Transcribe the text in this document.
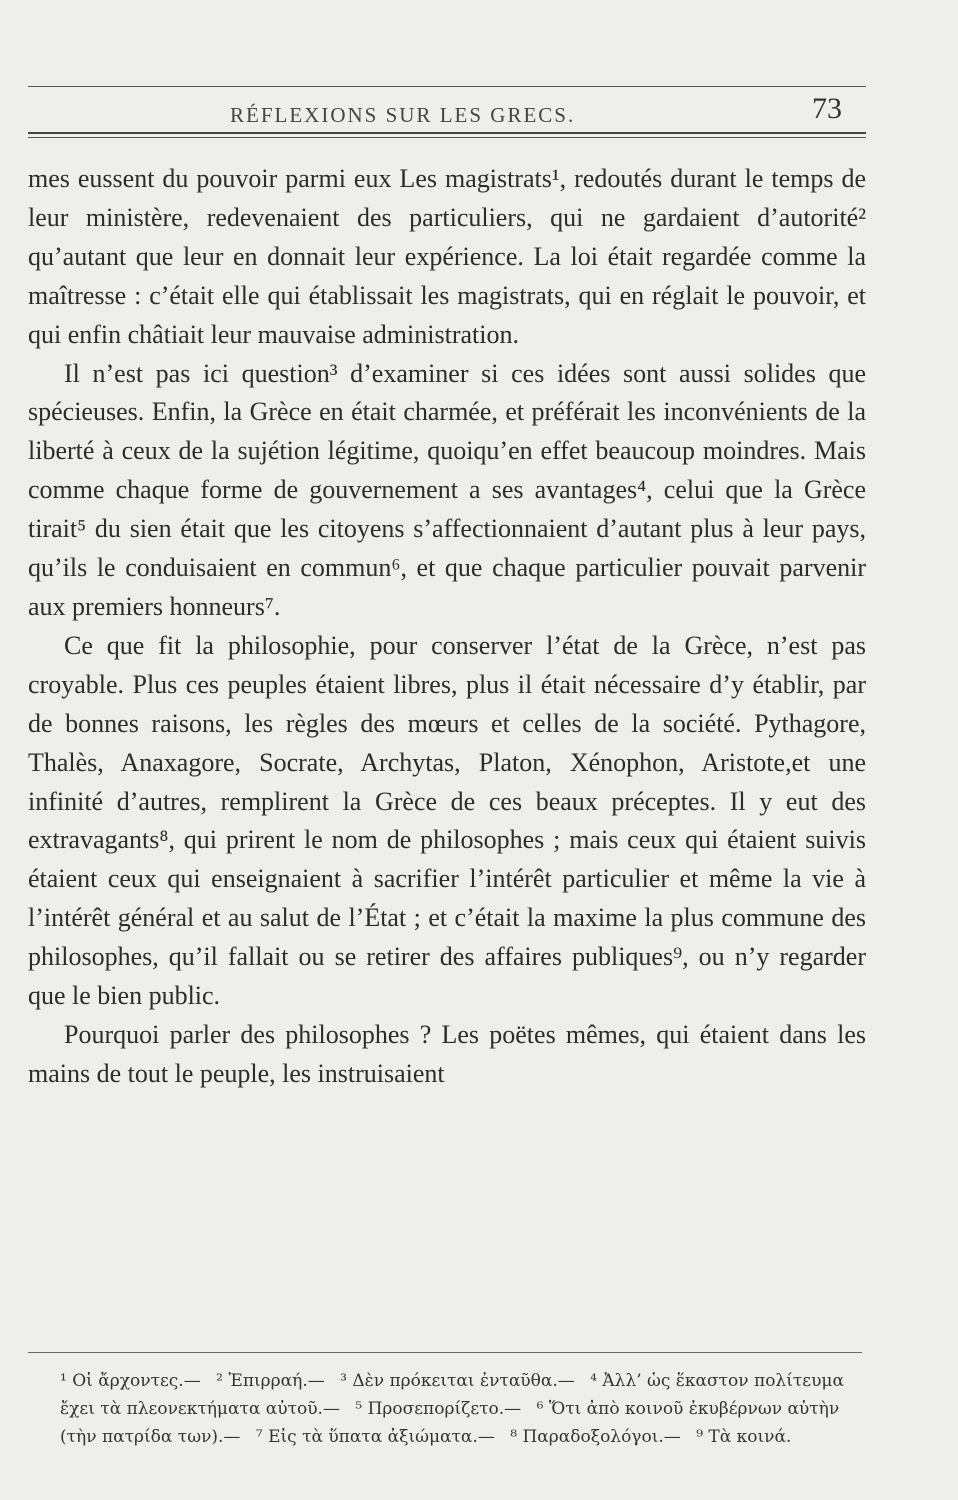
RÉFLEXIONS SUR LES GRECS.	73

mes eussent du pouvoir parmi eux Les magistrats¹, redoutés durant le temps de leur ministère, redevenaient des particuliers, qui ne gardaient d’autorité² qu’autant que leur en donnait leur expérience. La loi était regardée comme la maîtresse : c’était elle qui établissait les magistrats, qui en réglait le pouvoir, et qui enfin châtiait leur mauvaise administration.

Il n’est pas ici question³ d’examiner si ces idées sont aussi solides que spécieuses. Enfin, la Grèce en était charmée, et préférait les inconvénients de la liberté à ceux de la sujétion légitime, quoiqu’en effet beaucoup moindres. Mais comme chaque forme de gouvernement a ses avantages⁴, celui que la Grèce tirait⁵ du sien était que les citoyens s’affectionnaient d’autant plus à leur pays, qu’ils le conduisaient en commun⁶, et que chaque particulier pouvait parvenir aux premiers honneurs⁷.

Ce que fit la philosophie, pour conserver l’état de la Grèce, n’est pas croyable. Plus ces peuples étaient libres, plus il était nécessaire d’y établir, par de bonnes raisons, les règles des mœurs et celles de la société. Pythagore, Thalès, Anaxagore, Socrate, Archytas, Platon, Xénophon, Aristote,et une infinité d’autres, remplirent la Grèce de ces beaux préceptes. Il y eut des extravagants⁸, qui prirent le nom de philosophes ; mais ceux qui étaient suivis étaient ceux qui enseignaient à sacrifier l’intérêt particulier et même la vie à l’intérêt général et au salut de l’État ; et c’était la maxime la plus commune des philosophes, qu’il fallait ou se retirer des affaires publiques⁹, ou n’y regarder que le bien public.

Pourquoi parler des philosophes ? Les poëtes mêmes, qui étaient dans les mains de tout le peuple, les instruisaient

¹ Οἱ ἄρχοντες.— ² Ἐπιρραή.— ³ Δὲν πρόκειται ἐνταῦθα.— ⁴ Ἀλλ’ ὡς ἕκαστον πολίτευμα ἔχει τὰ πλεονεκτήματα αὐτοῦ.— ⁵ Προσεπορίζετο.— ⁶ Ὅτι ἀπὸ κοινοῦ ἐκυβέρνων αὐτὴν (τὴν πατρίδα των).— ⁷ Εἰς τὰ ὕπατα ἀξιώματα.— ⁸ Παραδοξολόγοι.— ⁹ Τὰ κοινά.
